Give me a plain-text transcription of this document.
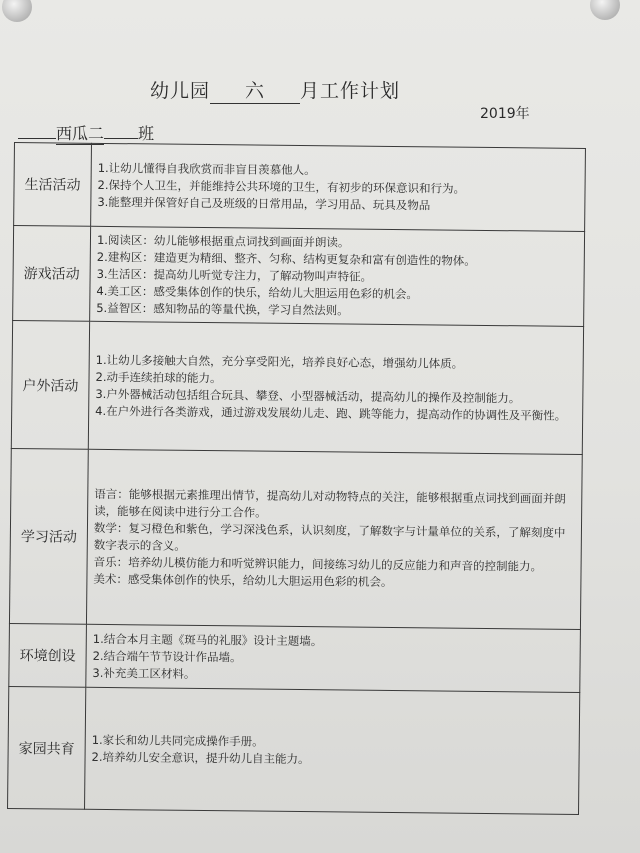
幼儿园 六 月工作计划
2019年
西瓜二 班
生活活动	1.让幼儿懂得自我欣赏而非盲目羡慕他人。
2.保持个人卫生，并能维持公共环境的卫生，有初步的环保意识和行为。
3.能整理并保管好自己及班级的日常用品，学习用品、玩具及物品

游戏活动	1.阅读区：幼儿能够根据重点词找到画面并朗读。
2.建构区：建造更为精细、整齐、匀称、结构更复杂和富有创造性的物体。
3.生活区：提高幼儿听觉专注力，了解动物叫声特征。
4.美工区：感受集体创作的快乐，给幼儿大胆运用色彩的机会。
5.益智区：感知物品的等量代换，学习自然法则。

户外活动	1.让幼儿多接触大自然，充分享受阳光，培养良好心态，增强幼儿体质。
2.动手连续拍球的能力。
3.户外器械活动包括组合玩具、攀登、小型器械活动，提高幼儿的操作及控制能力。
4.在户外进行各类游戏，通过游戏发展幼儿走、跑、跳等能力，提高动作的协调性及平衡性。

学习活动	语言：能够根据元素推理出情节，提高幼儿对动物特点的关注，能够根据重点词找到画面并朗读，能够在阅读中进行分工合作。
数学：复习橙色和紫色，学习深浅色系，认识刻度，了解数字与计量单位的关系，了解刻度中数字表示的含义。
音乐：培养幼儿模仿能力和听觉辨识能力，间接练习幼儿的反应能力和声音的控制能力。
美术：感受集体创作的快乐，给幼儿大胆运用色彩的机会。

环境创设	1.结合本月主题《斑马的礼服》设计主题墙。
2.结合端午节节设计作品墙。
3.补充美工区材料。

家园共育	1.家长和幼儿共同完成操作手册。
2.培养幼儿安全意识，提升幼儿自主能力。
